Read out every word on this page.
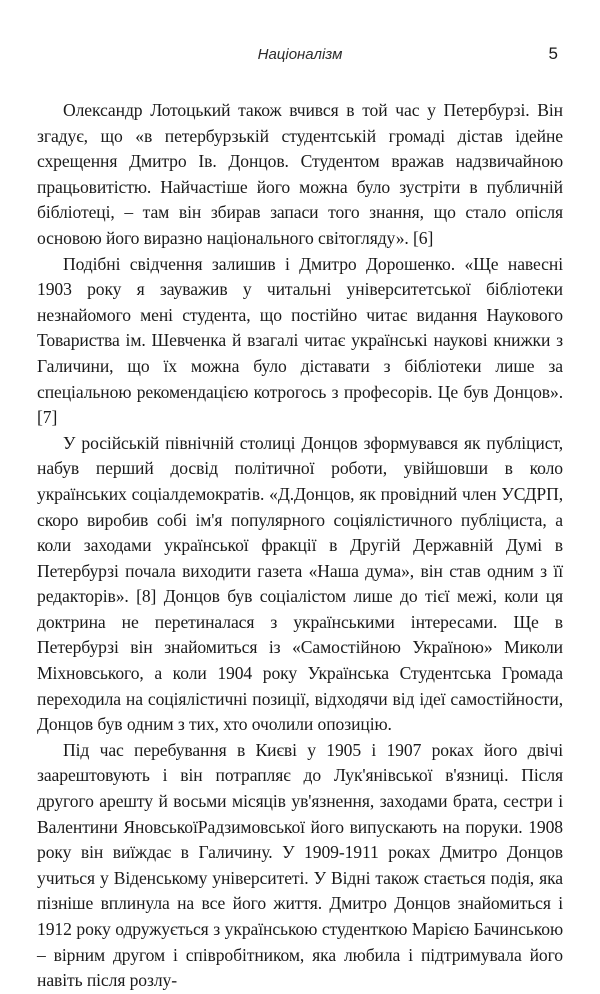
Націоналізм	5

Олександр Лотоцький також вчився в той час у Петербурзі. Він згадує, що «в петербурзькій студентській громаді дістав ідейне схрещення Дмитро Ів. Донцов. Студентом вражав надзвичайною працьовитістю. Найчастіше його можна було зустріти в публичній бібліотеці, – там він збирав запаси того знання, що стало опісля основою його виразно національного світогляду». [6]

Подібні свідчення залишив і Дмитро Дорошенко. «Ще навесні 1903 року я зауважив у читальні університетської бібліотеки незнайомого мені студента, що постійно читає видання Наукового Товариства ім. Шевченка й взагалі читає українські наукові книжки з Галичини, що їх можна було діставати з бібліотеки лише за спеціальною рекомендацією котрогось з професорів. Це був Донцов». [7]

У російській північній столиці Донцов зформувався як публіцист, набув перший досвід політичної роботи, увійшовши в коло українських соціалдемократів. «Д.Донцов, як провідний член УСДРП, скоро виробив собі ім'я популярного соціялістичного публіциста, а коли заходами української фракції в Другій Державній Думі в Петербурзі почала виходити газета «Наша дума», він став одним з її редакторів». [8] Донцов був соціалістом лише до тієї межі, коли ця доктрина не перетиналася з українськими інтересами. Ще в Петербурзі він знайомиться із «Самостійною Україною» Миколи Міхновського, а коли 1904 року Українська Студентська Громада переходила на соціялістичні позиції, відходячи від ідеї самостійности, Донцов був одним з тих, хто очолили опозицію.

Під час перебування в Києві у 1905 і 1907 роках його двічі заарештовують і він потрапляє до Лук'янівської в'язниці. Після другого арешту й восьми місяців ув'язнення, заходами брата, сестри і Валентини ЯновськоїРадзимовської його випускають на поруки. 1908 року він виїждає в Галичину. У 1909-1911 роках Дмитро Донцов учиться у Віденському університеті. У Відні також стається подія, яка пізніше вплинула на все його життя. Дмитро Донцов знайомиться і 1912 року одружується з українською студенткою Марією Бачинською – вірним другом і співробітником, яка любила і підтримувала його навіть після розлу-
